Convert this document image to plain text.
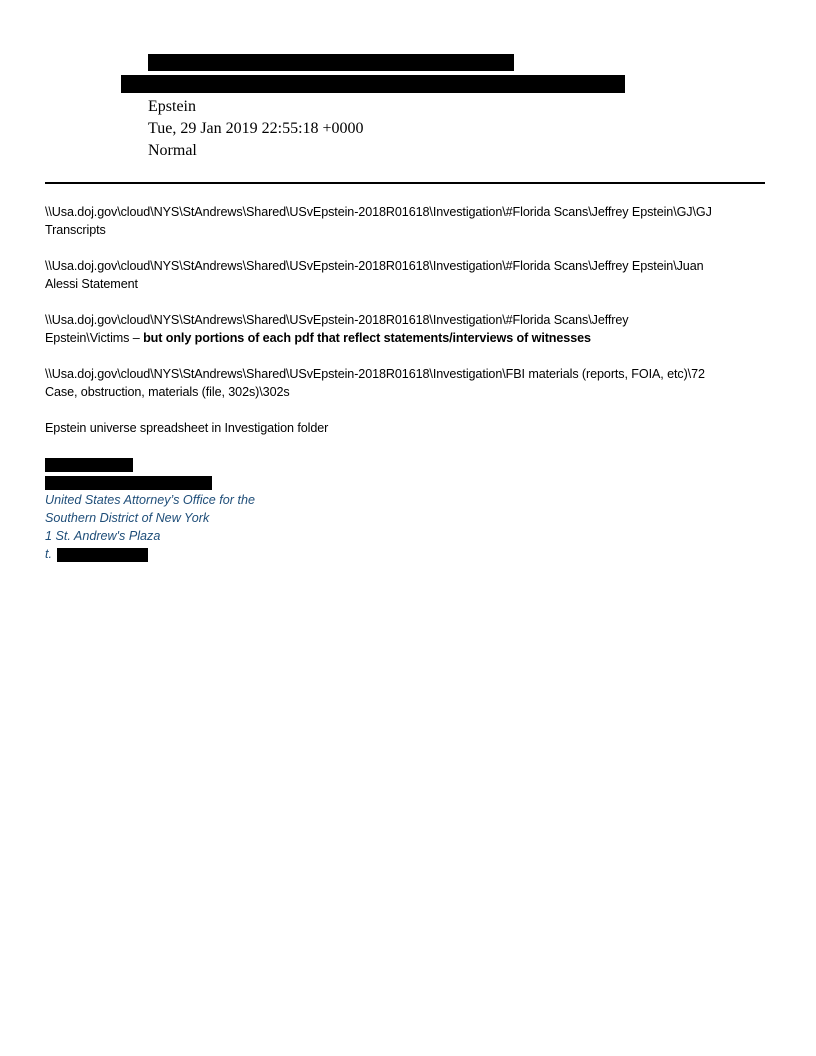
Epstein
Tue, 29 Jan 2019 22:55:18 +0000
Normal
\\Usa.doj.gov\cloud\NYS\StAndrews\Shared\USvEpstein-2018R01618\Investigation\#Florida Scans\Jeffrey Epstein\GJ\GJ
Transcripts
\\Usa.doj.gov\cloud\NYS\StAndrews\Shared\USvEpstein-2018R01618\Investigation\#Florida Scans\Jeffrey Epstein\Juan
Alessi Statement
\\Usa.doj.gov\cloud\NYS\StAndrews\Shared\USvEpstein-2018R01618\Investigation\#Florida Scans\Jeffrey
Epstein\Victims – but only portions of each pdf that reflect statements/interviews of witnesses
\\Usa.doj.gov\cloud\NYS\StAndrews\Shared\USvEpstein-2018R01618\Investigation\FBI materials (reports, FOIA, etc)\72
Case, obstruction, materials (file, 302s)\302s
Epstein universe spreadsheet in Investigation folder
United States Attorney’s Office for the
Southern District of New York
1 St. Andrew's Plaza
t.
